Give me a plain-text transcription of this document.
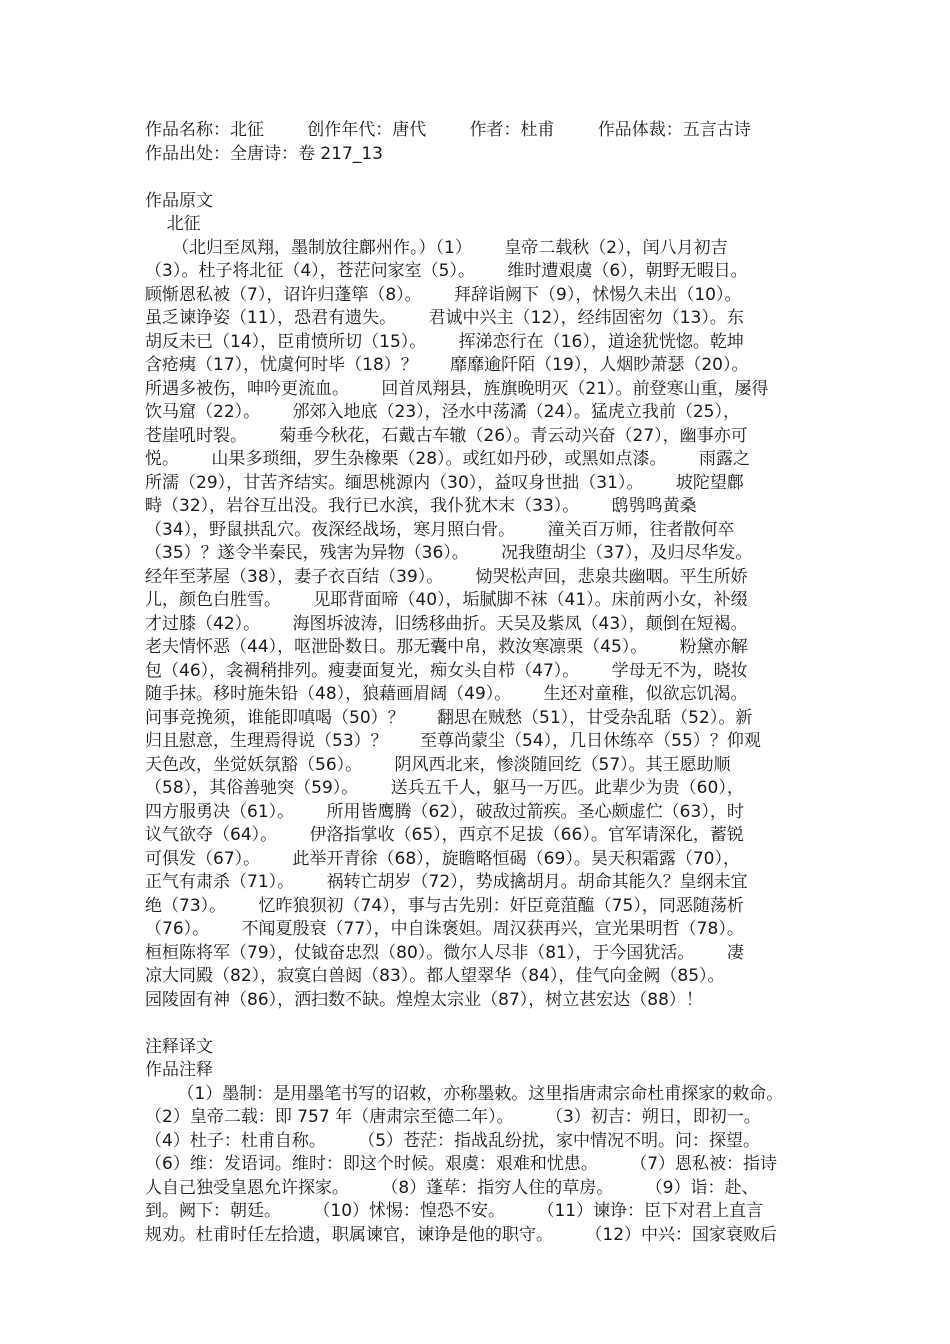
作品名称：北征        创作年代：唐代        作者：杜甫        作品体裁：五言古诗
作品出处：全唐诗：卷 217_13
作品原文
北征
（北归至凤翔，墨制放往鄜州作。）（1）      皇帝二载秋（2），闰八月初吉
（3）。杜子将北征（4），苍茫问家室（5）。      维时遭艰虞（6），朝野无暇日。
顾惭恩私被（7），诏许归蓬筚（8）。      拜辞诣阙下（9），怵惕久未出（10）。
虽乏谏诤姿（11），恐君有遗失。      君诚中兴主（12），经纬固密勿（13）。东
胡反未已（14），臣甫愤所切（15）。      挥涕恋行在（16），道途犹恍惚。乾坤
含疮痍（17），忧虞何时毕（18）？      靡靡逾阡陌（19），人烟眇萧瑟（20）。
所遇多被伤，呻吟更流血。      回首凤翔县，旌旗晚明灭（21）。前登寒山重，屡得
饮马窟（22）。      邠郊入地底（23），泾水中荡潏（24）。猛虎立我前（25），
苍崖吼时裂。      菊垂今秋花，石戴古车辙（26）。青云动兴奋（27），幽事亦可
悦。      山果多琐细，罗生杂橡栗（28）。或红如丹砂，或黑如点漆。      雨露之
所濡（29），甘苦齐结实。缅思桃源内（30），益叹身世拙（31）。      坡陀望鄜
畤（32），岩谷互出没。我行已水滨，我仆犹木末（33）。      鸱鸮鸣黄桑
（34），野鼠拱乱穴。夜深经战场，寒月照白骨。      潼关百万师，往者散何卒
（35）？遂令半秦民，残害为异物（36）。      况我堕胡尘（37），及归尽华发。
经年至茅屋（38），妻子衣百结（39）。      恸哭松声回，悲泉共幽咽。平生所娇
儿，颜色白胜雪。      见耶背面啼（40），垢腻脚不袜（41）。床前两小女，补缀
才过膝（42）。      海图坼波涛，旧绣移曲折。天吴及紫凤（43），颠倒在短褐。
老夫情怀恶（44），呕泄卧数日。那无囊中帛，救汝寒凛栗（45）。      粉黛亦解
包（46），衾裯稍排列。瘦妻面复光，痴女头自栉（47）。      学母无不为，晓妆
随手抹。移时施朱铅（48），狼藉画眉阔（49）。      生还对童稚，似欲忘饥渴。
问事竞挽须，谁能即嗔喝（50）？      翻思在贼愁（51），甘受杂乱聒（52）。新
归且慰意，生理焉得说（53）？      至尊尚蒙尘（54），几日休练卒（55）？仰观
天色改，坐觉妖氛豁（56）。      阴风西北来，惨淡随回纥（57）。其王愿助顺
（58），其俗善驰突（59）。      送兵五千人，躯马一万匹。此辈少为贵（60），
四方服勇决（61）。      所用皆鹰腾（62），破敌过箭疾。圣心颇虚伫（63），时
议气欲夺（64）。      伊洛指掌收（65），西京不足拔（66）。官军请深化，蓄锐
可俱发（67）。      此举开青徐（68），旋瞻略恒碣（69）。昊天积霜露（70），
正气有肃杀（71）。      祸转亡胡岁（72），势成擒胡月。胡命其能久？皇纲未宜
绝（73）。      忆昨狼狈初（74），事与古先别：奸臣竟菹醢（75），同恶随荡析
（76）。      不闻夏殷衰（77），中自诛褒妲。周汉获再兴，宣光果明哲（78）。
桓桓陈将军（79），仗钺奋忠烈（80）。微尔人尽非（81），于今国犹活。      凄
凉大同殿（82），寂寞白兽闼（83）。都人望翠华（84），佳气向金阙（85）。
园陵固有神（86），洒扫数不缺。煌煌太宗业（87），树立甚宏达（88）！
注释译文
作品注释
（1）墨制：是用墨笔书写的诏敕，亦称墨敕。这里指唐肃宗命杜甫探家的敕命。
（2）皇帝二载：即 757 年（唐肃宗至德二年）。      （3）初吉：朔日，即初一。
（4）杜子：杜甫自称。      （5）苍茫：指战乱纷扰，家中情况不明。问：探望。
（6）维：发语词。维时：即这个时候。艰虞：艰难和忧患。      （7）恩私被：指诗
人自己独受皇恩允许探家。      （8）蓬荜：指穷人住的草房。      （9）诣：赴、
到。阙下：朝廷。      （10）怵惕：惶恐不安。      （11）谏诤：臣下对君上直言
规劝。杜甫时任左拾遗，职属谏官，谏诤是他的职守。      （12）中兴：国家衰败后
